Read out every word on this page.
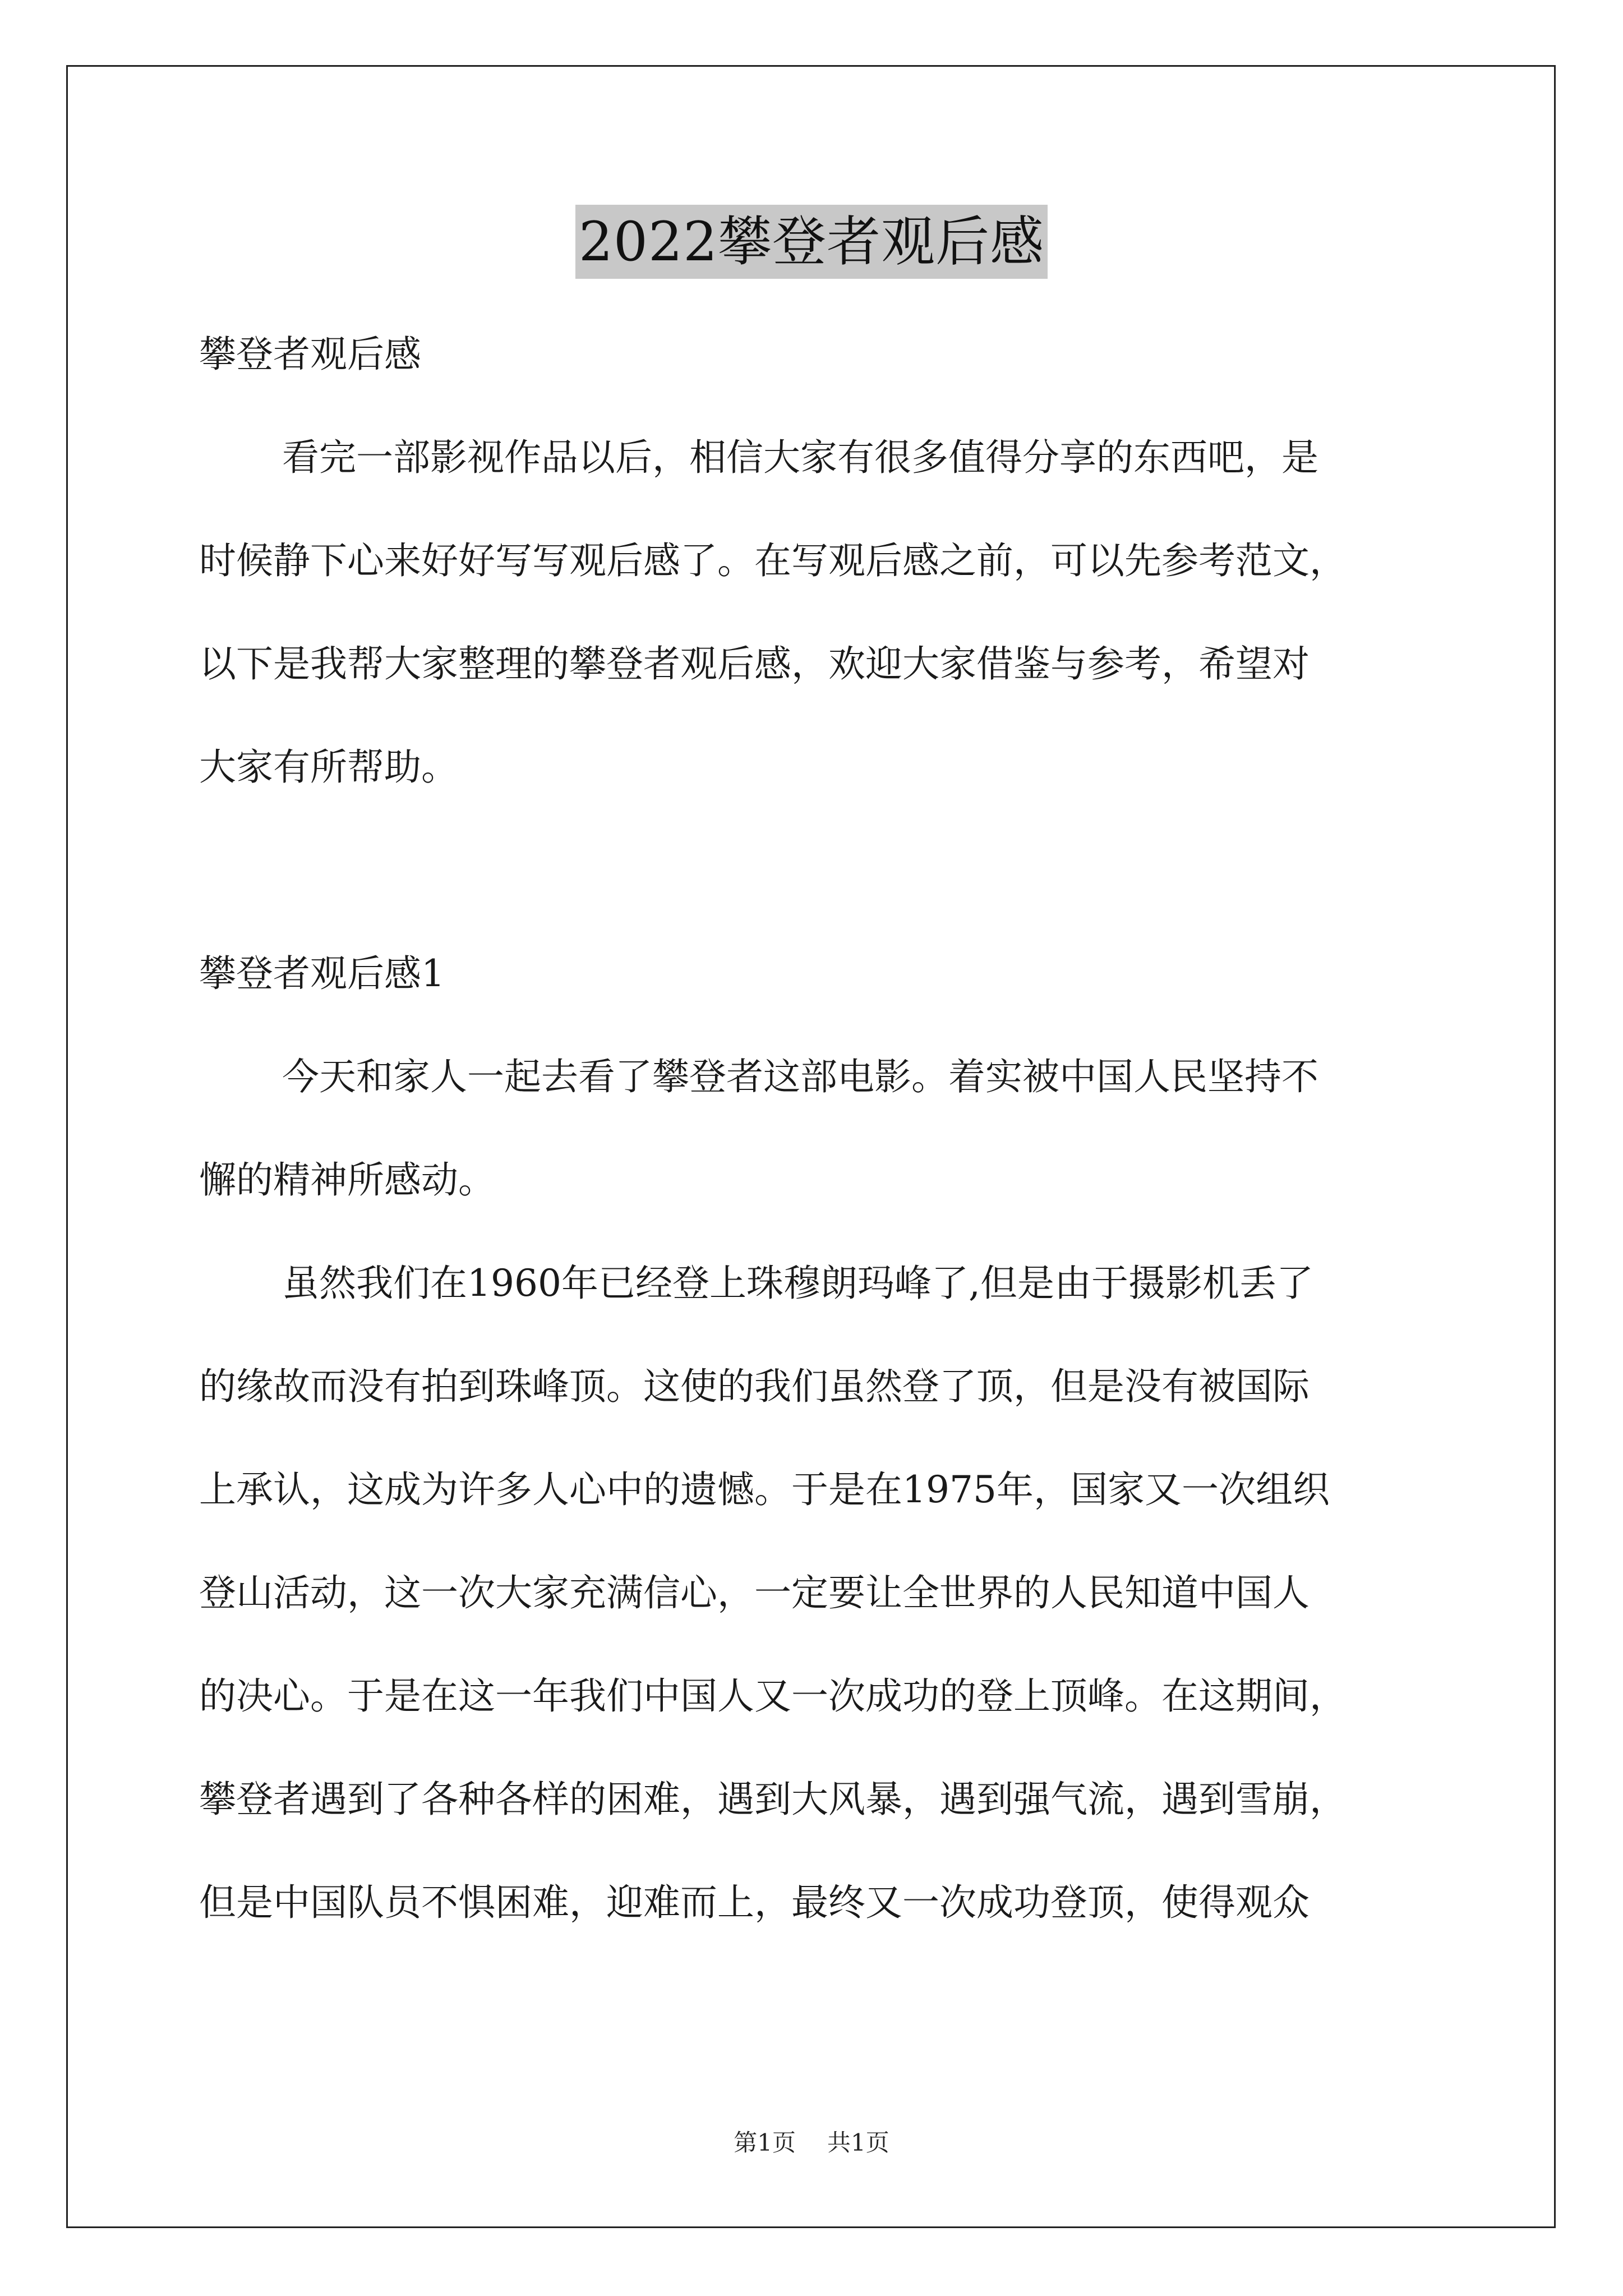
2022攀登者观后感
攀登者观后感
看完一部影视作品以后，相信大家有很多值得分享的东西吧，是
时候静下心来好好写写观后感了。在写观后感之前，可以先参考范文，
以下是我帮大家整理的攀登者观后感，欢迎大家借鉴与参考，希望对
大家有所帮助。
攀登者观后感1
今天和家人一起去看了攀登者这部电影。着实被中国人民坚持不
懈的精神所感动。
虽然我们在1960年已经登上珠穆朗玛峰了,但是由于摄影机丢了
的缘故而没有拍到珠峰顶。这使的我们虽然登了顶，但是没有被国际
上承认，这成为许多人心中的遗憾。于是在1975年，国家又一次组织
登山活动，这一次大家充满信心，一定要让全世界的人民知道中国人
的决心。于是在这一年我们中国人又一次成功的登上顶峰。在这期间，
攀登者遇到了各种各样的困难，遇到大风暴，遇到强气流，遇到雪崩，
但是中国队员不惧困难，迎难而上，最终又一次成功登顶，使得观众
第1页 共1页
